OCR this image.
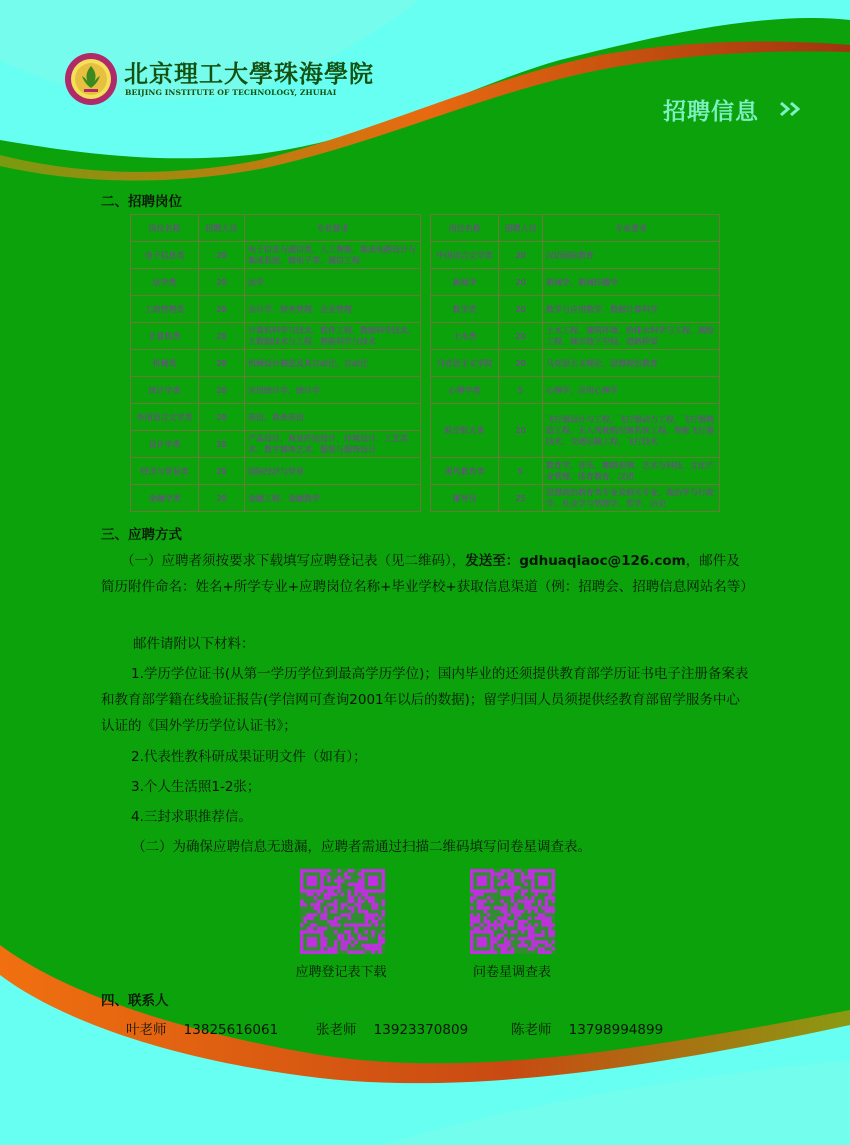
北京理工大學珠海學院
BEIJING INSTITUTE OF TECHNOLOGY, ZHUHAI
招聘信息
二、招聘岗位
岗位名称	招聘人员	专业要求
电子信息类	20	电子信息与通信类、人工智能、集成电路设计与集成系统、微电子等、通信工程
法学类	20	法学
工商管理类	20	会计学、财务管理、企业管理
计算机类	20	计算机科学与技术、软件工程、数据科学技术、大数据技术与工程、智能科学与技术
机械类	20	机械设计制造及其自动化、自动化
统计学类	20	应用统计学、统计学
外国语言文学类	20	英语、商务英语
设计学类	20	产品设计、视觉传达设计、环境设计、工艺美术、数字媒体艺术、服装与服饰设计
经济与贸易类	20	国际经济与贸易
金融学类	20	金融工程、金融数学
岗位名称	招聘人员	专业要求
中国语言文学类	20	汉语国际教育
新闻学	20	新闻学、新闻传播学
数学类	20	数学与应用数学、数据计算科学
土木类	20	土木工程、建筑环境、给排水科学与工程、测绘工程、城市地下空间、道路桥梁
马克思主义学院	20	马克思主义理论、思想政治教育
心理学类	5	心理学、应用心理学
航空航天类	20	飞行器设计与工程、飞行器动力工程、飞行器制造工程、无人驾驶航空器系统工程、智能飞行器技术、交通运输工程、飞行技术
现代教育类	5	教育学、音乐、舞蹈表演、艺术与科技、文化产业管理、体育教育、汉语
辅导员	25	思想政治教育类专业及相关专业、政治学与行政学、社会学与管理学、哲学、历史
三、应聘方式
（一）应聘者须按要求下载填写应聘登记表（见二维码），发送至：gdhuaqiaoc@126.com，邮件及简历附件命名：姓名+所学专业+应聘岗位名称+毕业学校+获取信息渠道（例：招聘会、招聘信息网站名等）
邮件请附以下材料：
1.学历学位证书(从第一学历学位到最高学历学位)；国内毕业的还须提供教育部学历证书电子注册备案表和教育部学籍在线验证报告(学信网可查询2001年以后的数据)；留学归国人员须提供经教育部留学服务中心认证的《国外学历学位认证书》；
2.代表性教科研成果证明文件（如有）；
3.个人生活照1-2张；
4.三封求职推荐信。
（二）为确保应聘信息无遗漏，应聘者需通过扫描二维码填写问卷星调查表。
应聘登记表下载	问卷星调查表
四、联系人
叶老师 13825616061	张老师 13923370809	陈老师 13798994899
